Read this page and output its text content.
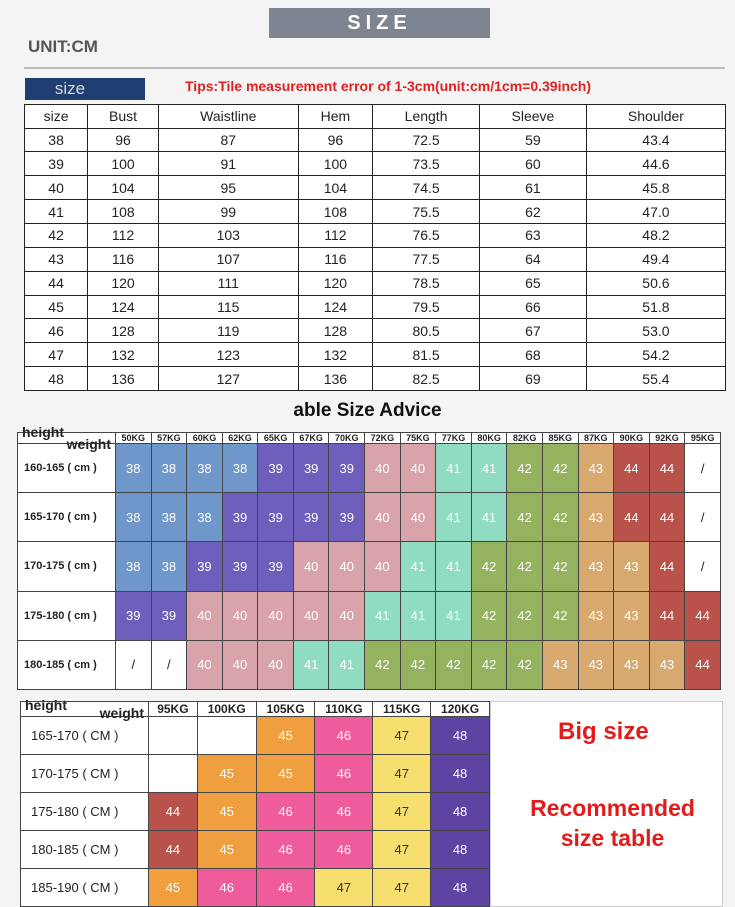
SIZE
UNIT:CM
size	Tips:Tile measurement error of 1-3cm(unit:cm/1cm=0.39inch)
size	Bust	Waistline	Hem	Length	Sleeve	Shoulder
38	96	87	96	72.5	59	43.4
39	100	91	100	73.5	60	44.6
40	104	95	104	74.5	61	45.8
41	108	99	108	75.5	62	47.0
42	112	103	112	76.5	63	48.2
43	116	107	116	77.5	64	49.4
44	120	111	120	78.5	65	50.6
45	124	115	124	79.5	66	51.8
46	128	119	128	80.5	67	53.0
47	132	123	132	81.5	68	54.2
48	136	127	136	82.5	69	55.4
able Size Advice
weight
height	50KG	57KG	60KG	62KG	65KG	67KG	70KG	72KG	75KG	77KG	80KG	82KG	85KG	87KG	90KG	92KG	95KG
160-165 ( cm )	38	38	38	38	39	39	39	40	40	41	41	42	42	43	44	44	/
165-170 ( cm )	38	38	38	39	39	39	39	40	40	41	41	42	42	43	44	44	/
170-175 ( cm )	38	38	39	39	39	40	40	40	41	41	42	42	42	43	43	44	/
175-180 ( cm )	39	39	40	40	40	40	40	41	41	41	42	42	42	43	43	44	44
180-185 ( cm )	/	/	40	40	40	41	41	42	42	42	42	42	43	43	43	43	44
weight
height	95KG	100KG	105KG	110KG	115KG	120KG
165-170 ( CM )			45	46	47	48
170-175 ( CM )		45	45	46	47	48
175-180 ( CM )	44	45	46	46	47	48
180-185 ( CM )	44	45	46	46	47	48
185-190 ( CM )	45	46	46	47	47	48
Big size
Recommended
size table
